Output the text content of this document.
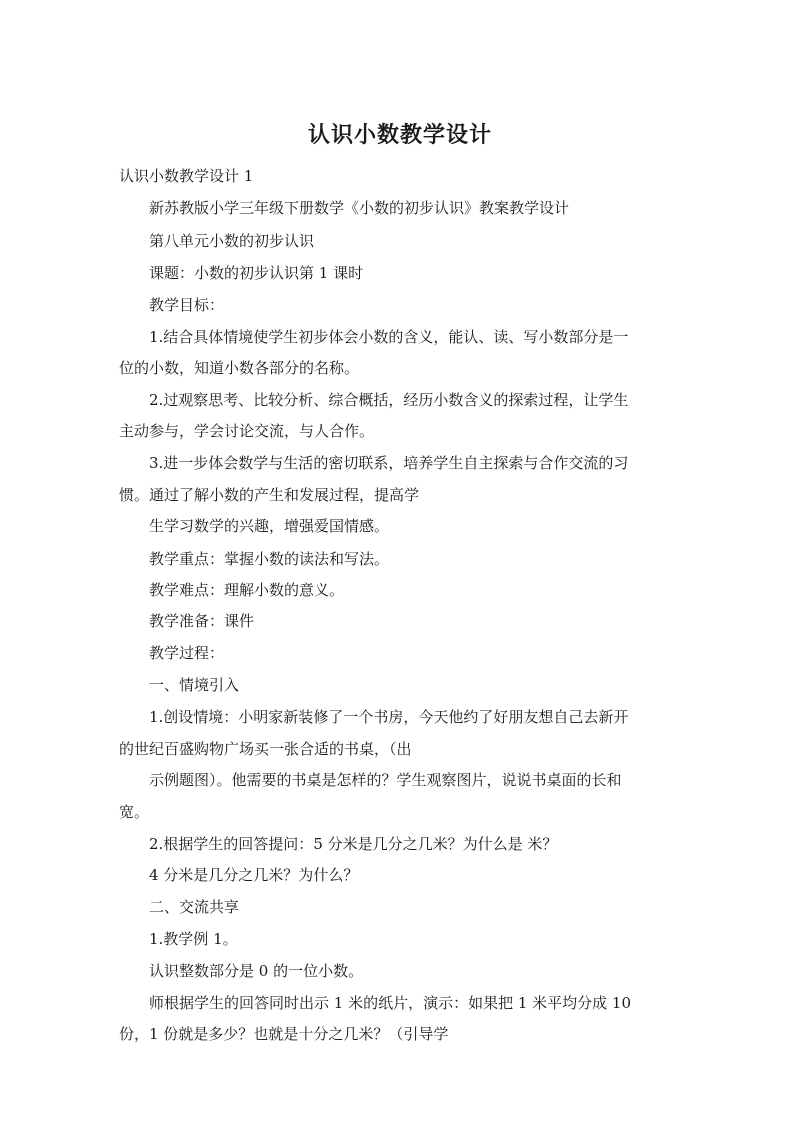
认识小数教学设计
认识小数教学设计 1
新苏教版小学三年级下册数学《小数的初步认识》教案教学设计
第八单元小数的初步认识
课题：小数的初步认识第 1 课时
教学目标：
1.结合具体情境使学生初步体会小数的含义，能认、读、写小数部分是一
位的小数，知道小数各部分的名称。
2.过观察思考、比较分析、综合概括，经历小数含义的探索过程，让学生
主动参与，学会讨论交流，与人合作。
3.进一步体会数学与生活的密切联系，培养学生自主探索与合作交流的习
惯。通过了解小数的产生和发展过程，提高学
生学习数学的兴趣，增强爱国情感。
教学重点：掌握小数的读法和写法。
教学难点：理解小数的意义。
教学准备：课件
教学过程：
一、情境引入
1.创设情境：小明家新装修了一个书房，今天他约了好朋友想自己去新开
的世纪百盛购物广场买一张合适的书桌，（出
示例题图）。他需要的书桌是怎样的？学生观察图片，说说书桌面的长和
宽。
2.根据学生的回答提问：5 分米是几分之几米？为什么是 米？
4 分米是几分之几米？为什么？
二、交流共享
1.教学例 1。
认识整数部分是 0 的一位小数。
师根据学生的回答同时出示 1 米的纸片，演示：如果把 1 米平均分成 10
份，1 份就是多少？也就是十分之几米？（引导学
